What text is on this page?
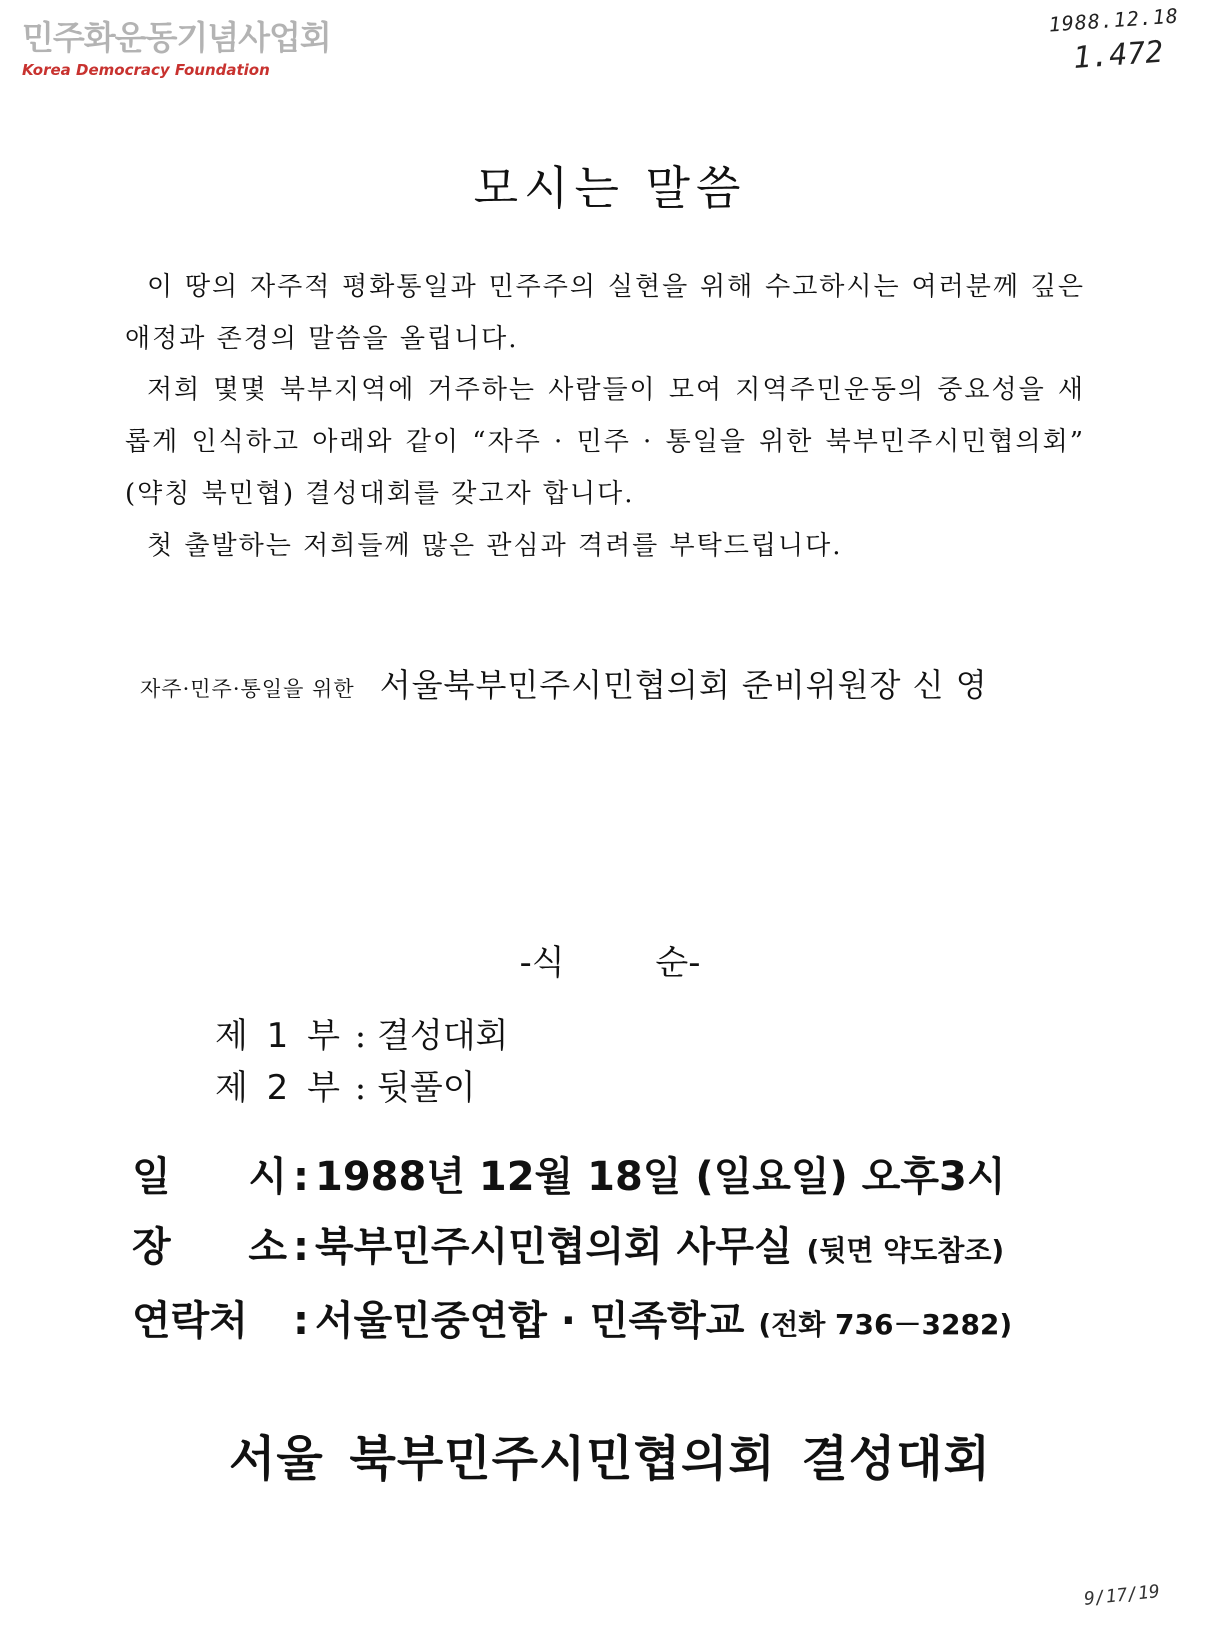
민주화운동기념사업회
Korea Democracy Foundation
1988.12.18
1.472
모시는 말씀

이 땅의 자주적 평화통일과 민주주의 실현을 위해 수고하시는 여러분께 깊은 애정과 존경의 말씀을 올립니다.

저희 몇몇 북부지역에 거주하는 사람들이 모여 지역주민운동의 중요성을 새롭게 인식하고 아래와 같이 “자주 · 민주 · 통일을 위한 북부민주시민협의회” (약칭 북민협) 결성대회를 갖고자 합니다.

첫 출발하는 저희들께 많은 관심과 격려를 부탁드립니다.

자주·민주·통일을 위한 서울북부민주시민협의회 준비위원장 신 영
-식 순-
제 1 부 : 결성대회
제 2 부 : 뒷풀이
일 시 : 1988년 12월 18일 (일요일) 오후3시
장 소 : 북부민주시민협의회 사무실 (뒷면 약도참조)
연락처 : 서울민중연합 · 민족학교 (전화 736－3282)
서울 북부민주시민협의회 결성대회
9/17/19
